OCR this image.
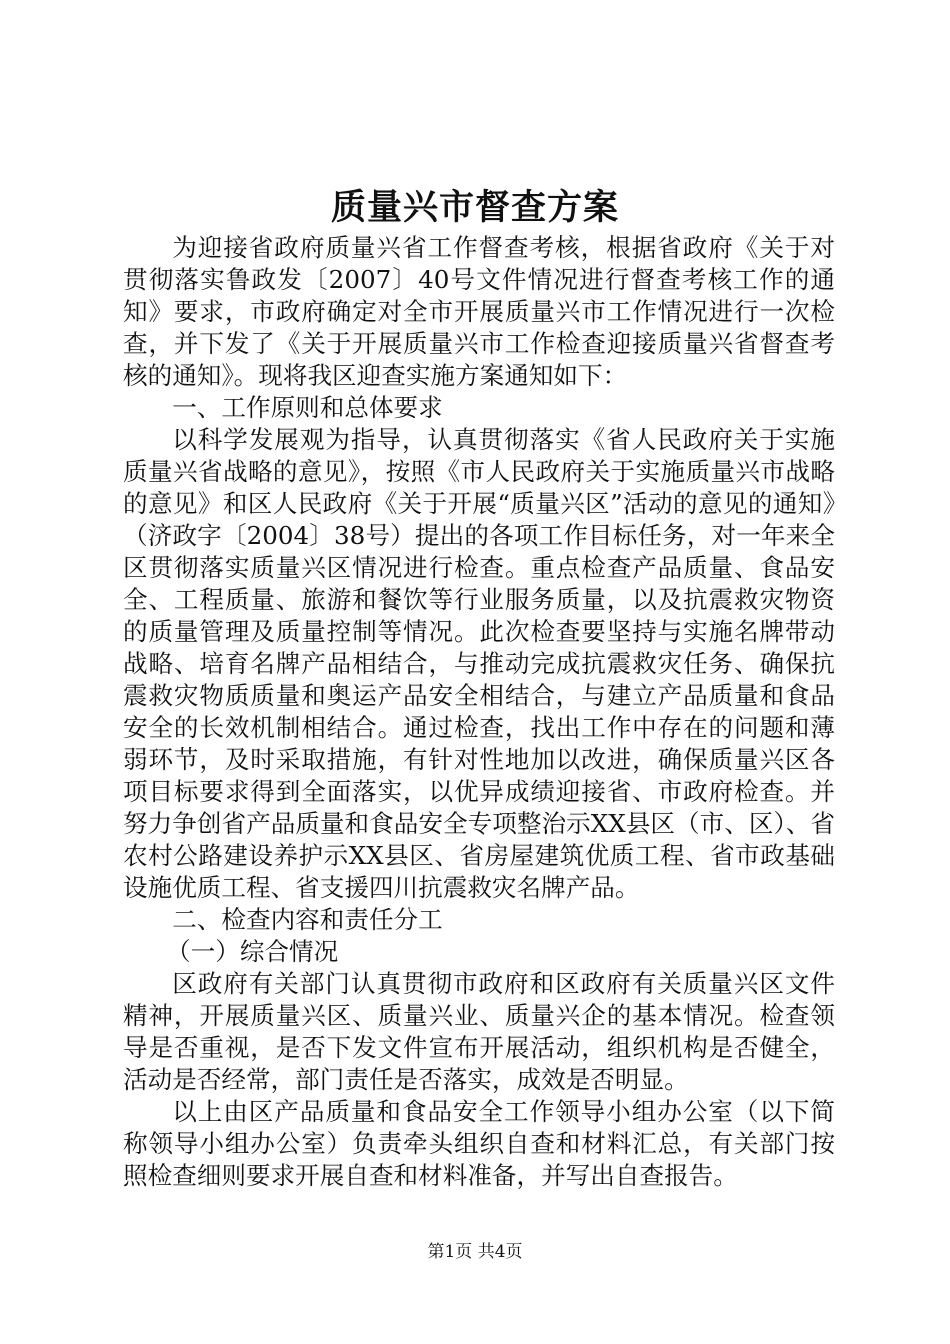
质量兴市督查方案

为迎接省政府质量兴省工作督查考核，根据省政府《关于对贯彻落实鲁政发〔2007〕40号文件情况进行督查考核工作的通知》要求，市政府确定对全市开展质量兴市工作情况进行一次检查，并下发了《关于开展质量兴市工作检查迎接质量兴省督查考核的通知》。现将我区迎查实施方案通知如下：

一、工作原则和总体要求

以科学发展观为指导，认真贯彻落实《省人民政府关于实施质量兴省战略的意见》，按照《市人民政府关于实施质量兴市战略的意见》和区人民政府《关于开展“质量兴区”活动的意见的通知》（济政字〔2004〕38号）提出的各项工作目标任务，对一年来全区贯彻落实质量兴区情况进行检查。重点检查产品质量、食品安全、工程质量、旅游和餐饮等行业服务质量，以及抗震救灾物资的质量管理及质量控制等情况。此次检查要坚持与实施名牌带动战略、培育名牌产品相结合，与推动完成抗震救灾任务、确保抗震救灾物质质量和奥运产品安全相结合，与建立产品质量和食品安全的长效机制相结合。通过检查，找出工作中存在的问题和薄弱环节，及时采取措施，有针对性地加以改进，确保质量兴区各项目标要求得到全面落实，以优异成绩迎接省、市政府检查。并努力争创省产品质量和食品安全专项整治示XX县区（市、区）、省农村公路建设养护示XX县区、省房屋建筑优质工程、省市政基础设施优质工程、省支援四川抗震救灾名牌产品。

二、检查内容和责任分工

（一）综合情况

区政府有关部门认真贯彻市政府和区政府有关质量兴区文件精神，开展质量兴区、质量兴业、质量兴企的基本情况。检查领导是否重视，是否下发文件宣布开展活动，组织机构是否健全，活动是否经常，部门责任是否落实，成效是否明显。

以上由区产品质量和食品安全工作领导小组办公室（以下简称领导小组办公室）负责牵头组织自查和材料汇总，有关部门按照检查细则要求开展自查和材料准备，并写出自查报告。

第1页 共4页
